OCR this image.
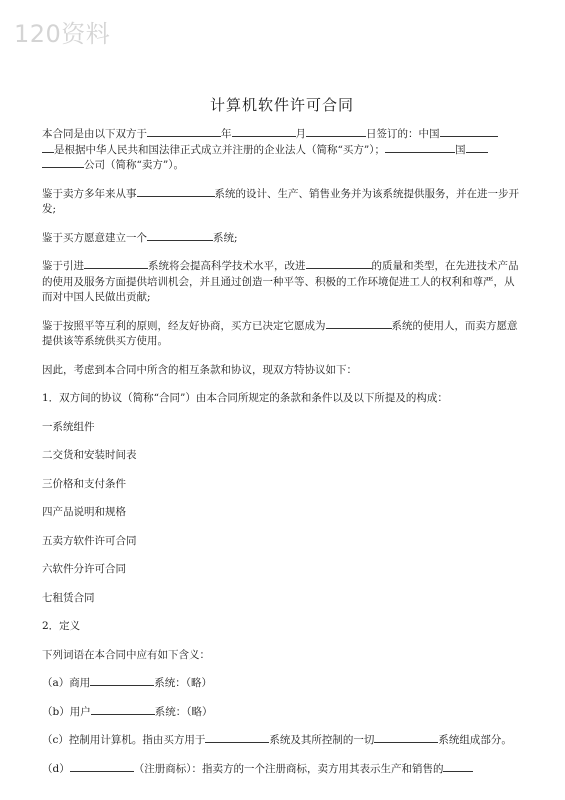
120资料
计算机软件许可合同

本合同是由以下双方于	年	月	日签订的：中国
是根据中华人民共和国法律正式成立并注册的企业法人（简称“买方”）；	国
公司（简称“卖方”）。

鉴于卖方多年来从事	系统的设计、生产、销售业务并为该系统提供服务，并在进一步开发;

鉴于买方愿意建立一个	系统;

鉴于引进	系统将会提高科学技术水平，改进	的质量和类型，在先进技术产品的使用及服务方面提供培训机会，并且通过创造一种平等、积极的工作环境促进工人的权利和尊严，从而对中国人民做出贡献;

鉴于按照平等互利的原则，经友好协商，买方已决定它愿成为	系统的使用人，而卖方愿意提供该等系统供买方使用。

因此，考虑到本合同中所含的相互条款和协议，现双方特协议如下：

1．双方间的协议（简称“合同”）由本合同所规定的条款和条件以及以下所提及的构成：

一系统组件

二交货和安装时间表

三价格和支付条件

四产品说明和规格

五卖方软件许可合同

六软件分许可合同

七租赁合同

2．定义

下列词语在本合同中应有如下含义：

（a）商用	系统：（略）

（b）用户	系统：（略）

（c）控制用计算机。指由买方用于	系统及其所控制的一切	系统组成部分。

（d）	（注册商标）：指卖方的一个注册商标，卖方用其表示生产和销售的
